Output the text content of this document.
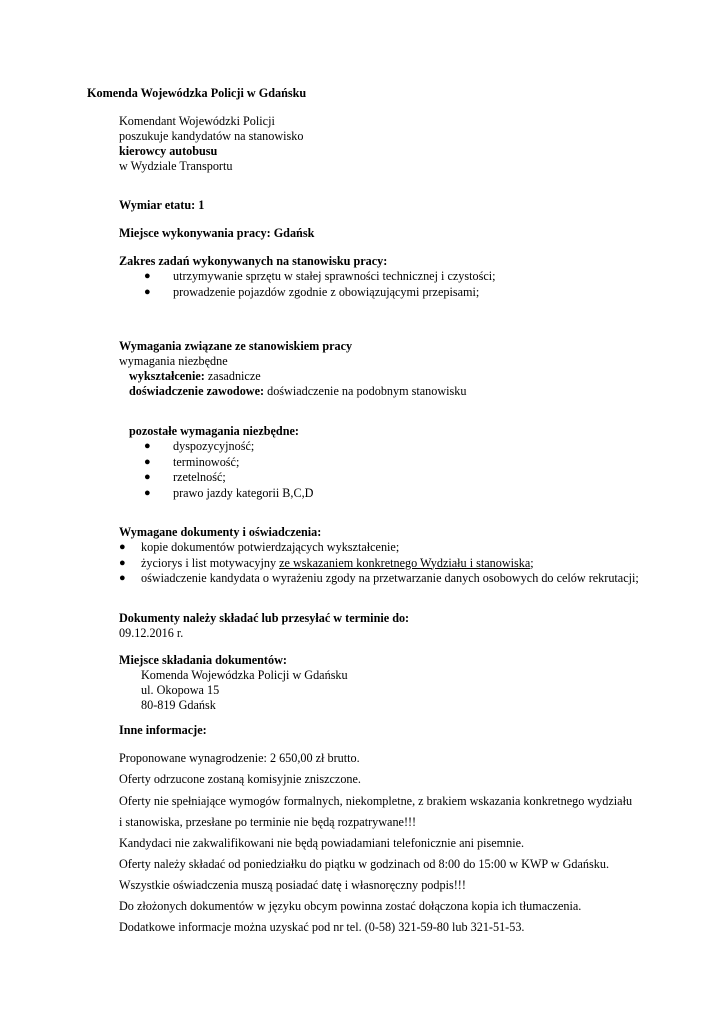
Komenda Wojewódzka Policji w Gdańsku
Komendant Wojewódzki Policji
poszukuje kandydatów na stanowisko
kierowcy autobusu
w Wydziale Transportu
Wymiar etatu: 1
Miejsce wykonywania pracy: Gdańsk
Zakres zadań wykonywanych na stanowisku pracy:
● utrzymywanie sprzętu w stałej sprawności technicznej i czystości;
● prowadzenie pojazdów zgodnie z obowiązującymi przepisami;
Wymagania związane ze stanowiskiem pracy
wymagania niezbędne
wykształcenie: zasadnicze
doświadczenie zawodowe: doświadczenie na podobnym stanowisku
pozostałe wymagania niezbędne:
● dyspozycyjność;
● terminowość;
● rzetelność;
● prawo jazdy kategorii B,C,D
Wymagane dokumenty i oświadczenia:
● kopie dokumentów potwierdzających wykształcenie;
● życiorys i list motywacyjny ze wskazaniem konkretnego Wydziału i stanowiska;
● oświadczenie kandydata o wyrażeniu zgody na przetwarzanie danych osobowych do celów rekrutacji;
Dokumenty należy składać lub przesyłać w terminie do:
09.12.2016 r.
Miejsce składania dokumentów:
Komenda Wojewódzka Policji w Gdańsku
ul. Okopowa 15
80-819 Gdańsk
Inne informacje:
Proponowane wynagrodzenie: 2 650,00 zł brutto.
Oferty odrzucone zostaną komisyjnie zniszczone.
Oferty nie spełniające wymogów formalnych, niekompletne, z brakiem wskazania konkretnego wydziału
i stanowiska, przesłane po terminie nie będą rozpatrywane!!!
Kandydaci nie zakwalifikowani nie będą powiadamiani telefonicznie ani pisemnie.
Oferty należy składać od poniedziałku do piątku w godzinach od 8:00 do 15:00 w KWP w Gdańsku.
Wszystkie oświadczenia muszą posiadać datę i własnoręczny podpis!!!
Do złożonych dokumentów w języku obcym powinna zostać dołączona kopia ich tłumaczenia.
Dodatkowe informacje można uzyskać pod nr tel. (0-58) 321-59-80 lub 321-51-53.
